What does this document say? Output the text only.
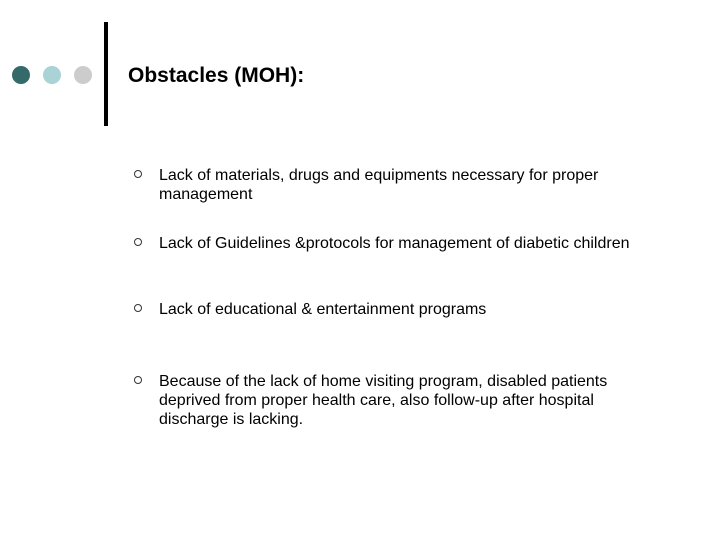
Obstacles (MOH):
Lack of materials, drugs and equipments necessary for proper management
Lack of Guidelines &protocols for management of diabetic children
Lack of educational & entertainment programs
Because of the lack of home visiting program, disabled patients deprived from proper health care, also follow-up after hospital discharge is lacking.
